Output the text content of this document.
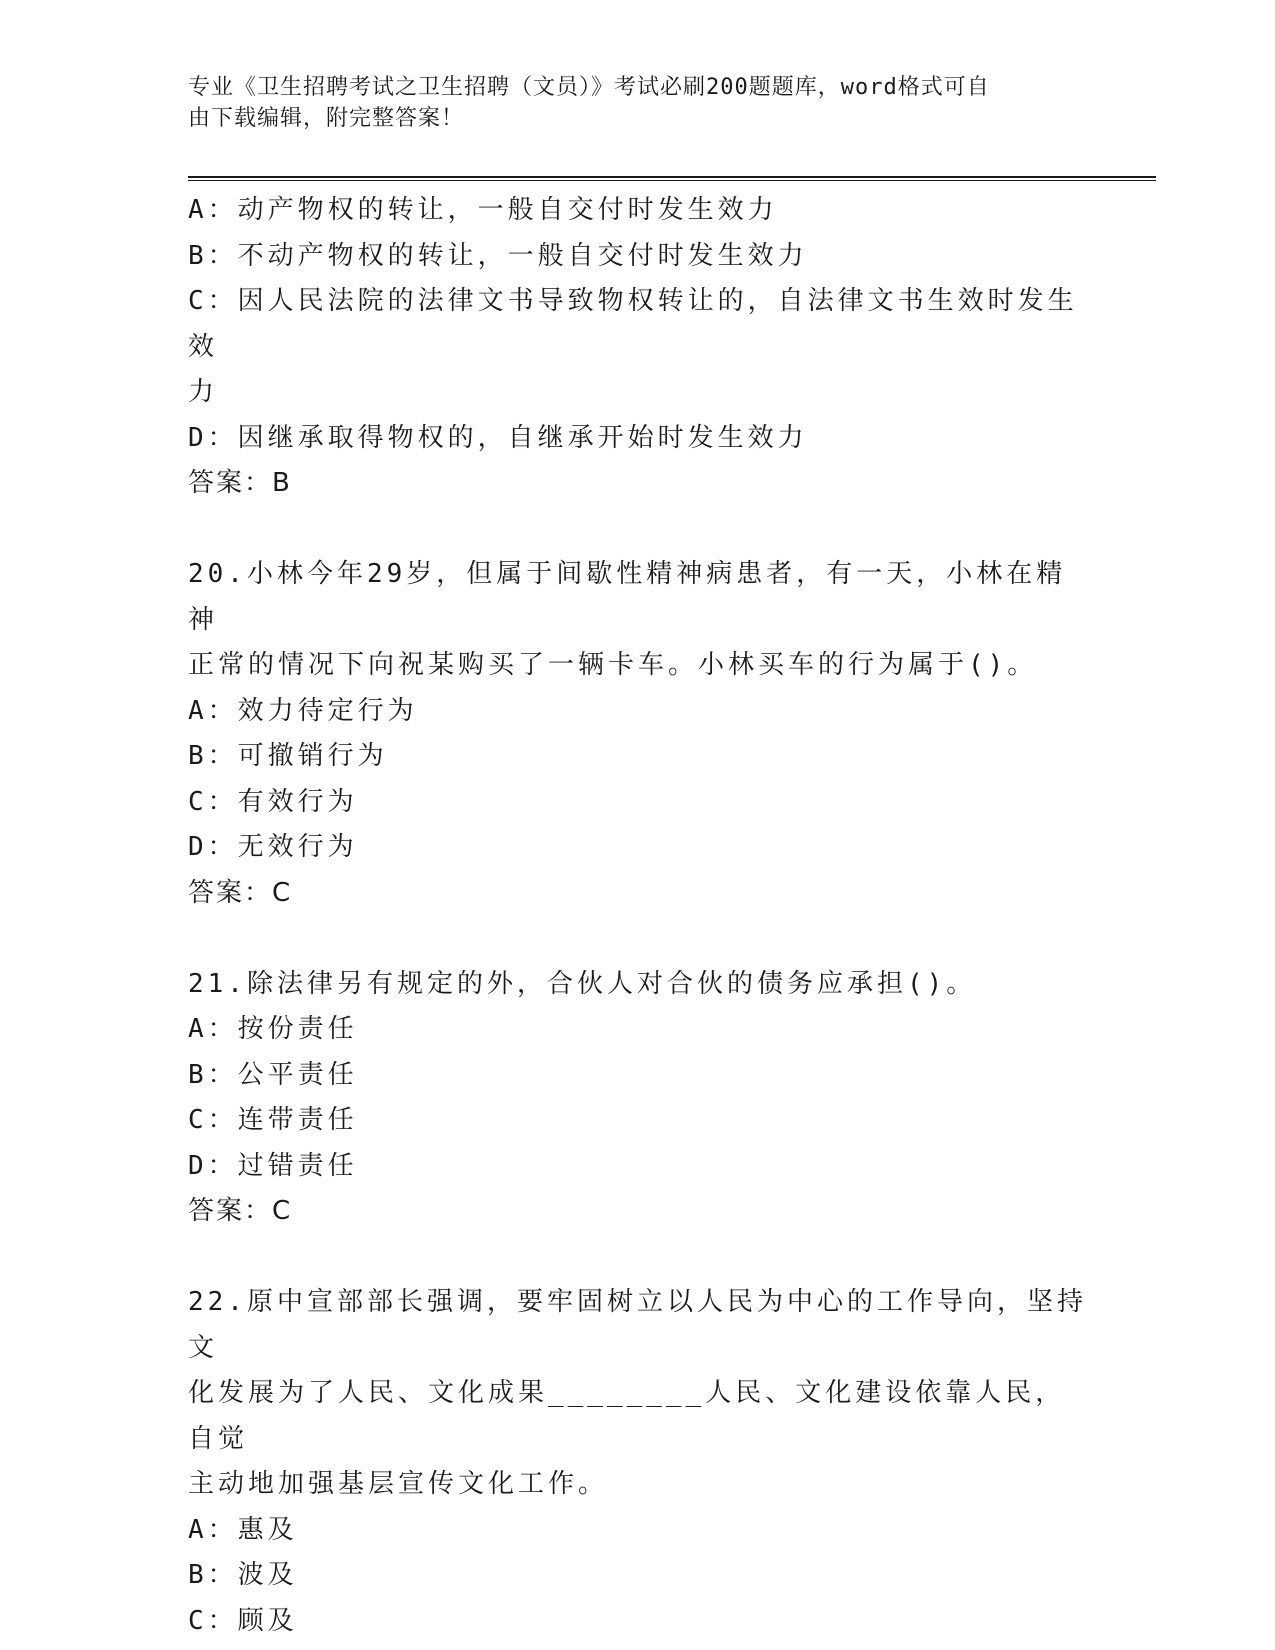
专业《卫生招聘考试之卫生招聘（文员）》考试必刷200题题库，word格式可自
由下载编辑，附完整答案！
A：动产物权的转让，一般自交付时发生效力
B：不动产物权的转让，一般自交付时发生效力
C：因人民法院的法律文书导致物权转让的，自法律文书生效时发生效
力
D：因继承取得物权的，自继承开始时发生效力
答案：B
20.小林今年29岁，但属于间歇性精神病患者，有一天，小林在精神
正常的情况下向祝某购买了一辆卡车。小林买车的行为属于()。
A：效力待定行为
B：可撤销行为
C：有效行为
D：无效行为
答案：C
21.除法律另有规定的外，合伙人对合伙的债务应承担()。
A：按份责任
B：公平责任
C：连带责任
D：过错责任
答案：C
22.原中宣部部长强调，要牢固树立以人民为中心的工作导向，坚持文
化发展为了人民、文化成果________人民、文化建设依靠人民，自觉
主动地加强基层宣传文化工作。
A：惠及
B：波及
C：顾及
